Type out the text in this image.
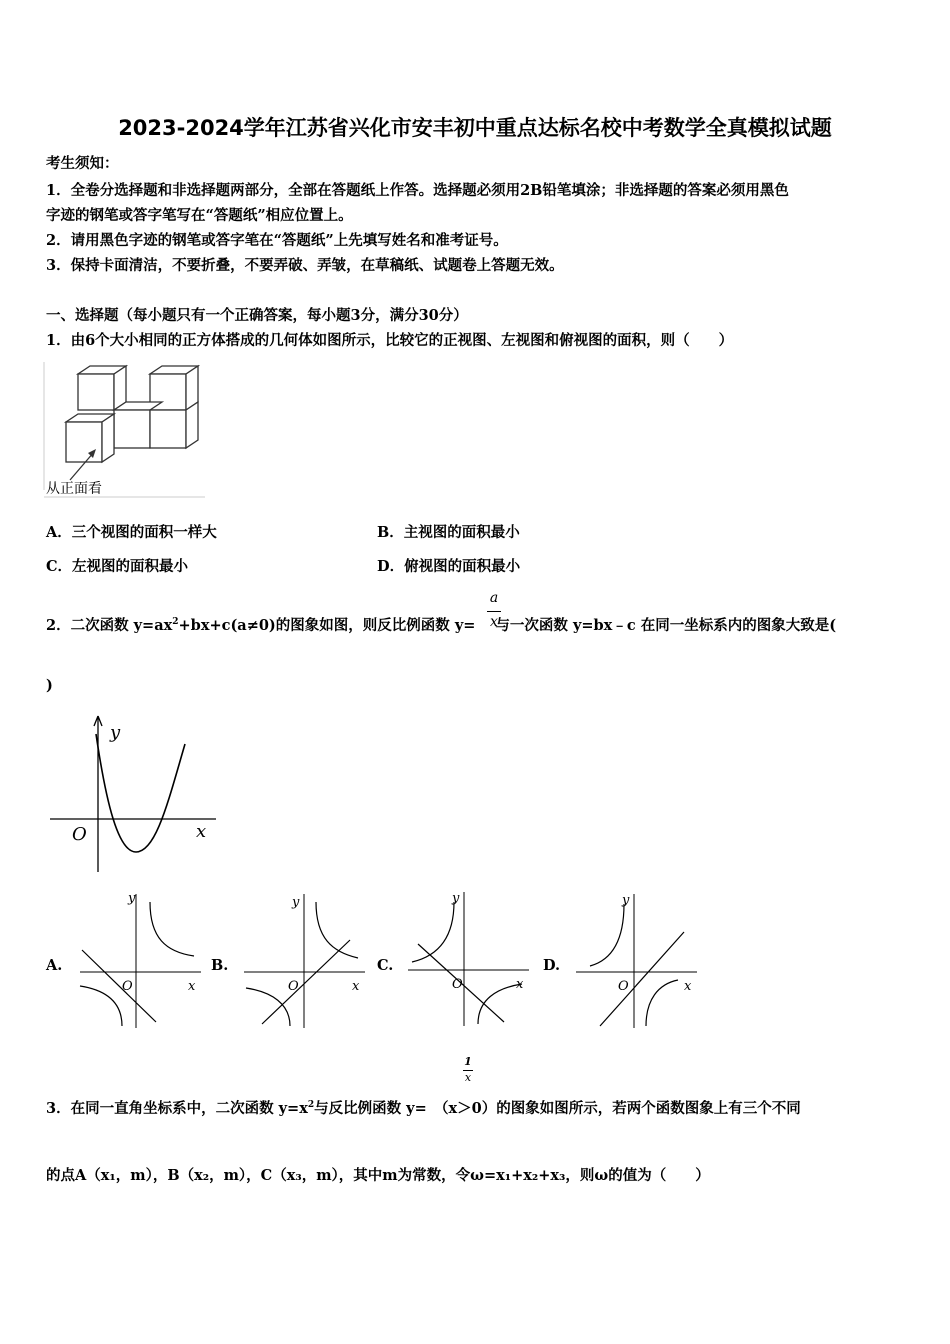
2023-2024学年江苏省兴化市安丰初中重点达标名校中考数学全真模拟试题
考生须知：
1．全卷分选择题和非选择题两部分，全部在答题纸上作答。选择题必须用2B铅笔填涂；非选择题的答案必须用黑色
字迹的钢笔或答字笔写在“答题纸”相应位置上。
2．请用黑色字迹的钢笔或答字笔在“答题纸”上先填写姓名和准考证号。
3．保持卡面清洁，不要折叠，不要弄破、弄皱，在草稿纸、试题卷上答题无效。
一、选择题（每小题只有一个正确答案，每小题3分，满分30分）
1．由6个大小相同的正方体搭成的几何体如图所示，比较它的正视图、左视图和俯视图的面积，则（　　）
从正面看
A．三个视图的面积一样大	B．主视图的面积最小
C．左视图的面积最小	D．俯视图的面积最小
2．二次函数 $y=ax^2+bx+c(a\ne 0)$的图象如图，则反比例函数 y= 与一次函数 y=bx﹣c 在同一坐标系内的图象大致是(
a
x
)
y
x
O
A.
y
x
O
B.
y
x
O
C.
y
x
O
D.
y
x
O
1
x
3．在同一直角坐标系中，二次函数 $y=x^2$与反比例函数 y=　（x＞0）的图象如图所示，若两个函数图象上有三个不同
的点A（x₁，m），B（x₂，m），C（x₃，m），其中m为常数，令ω=x₁+x₂+x₃，则ω的值为（　　）
